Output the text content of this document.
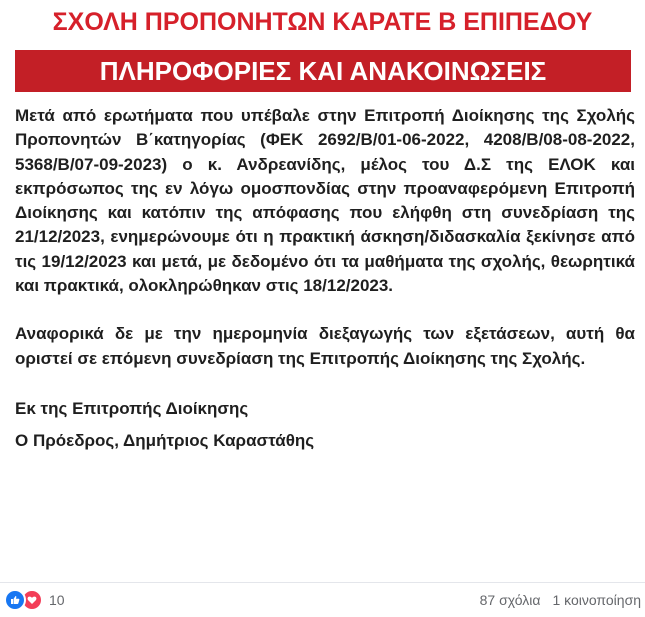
ΣΧΟΛΗ ΠΡΟΠΟΝΗΤΩΝ ΚΑΡΑΤΕ Β ΕΠΙΠΕΔΟΥ
ΠΛΗΡΟΦΟΡΙΕΣ ΚΑΙ ΑΝΑΚΟΙΝΩΣΕΙΣ

Μετά από ερωτήματα που υπέβαλε στην Επιτροπή Διοίκησης της Σχολής Προπονητών Β΄κατηγορίας (ΦΕΚ 2692/Β/01-06-2022, 4208/Β/08-08-2022, 5368/Β/07-09-2023) ο κ. Ανδρεανίδης, μέλος του Δ.Σ της ΕΛΟΚ και εκπρόσωπος της εν λόγω ομοσπονδίας στην προαναφερόμενη Επιτροπή Διοίκησης και κατόπιν της απόφασης που ελήφθη στη συνεδρίαση της 21/12/2023, ενημερώνουμε ότι η πρακτική άσκηση/διδασκαλία ξεκίνησε από τις 19/12/2023 και μετά, με δεδομένο ότι τα μαθήματα της σχολής, θεωρητικά και πρακτικά, ολοκληρώθηκαν στις 18/12/2023.

Αναφορικά δε με την ημερομηνία διεξαγωγής των εξετάσεων, αυτή θα οριστεί σε επόμενη συνεδρίαση της Επιτροπής Διοίκησης της Σχολής.

Εκ της Επιτροπής Διοίκησης
Ο Πρόεδρος, Δημήτριος Καραστάθης

10	87 σχόλια 1 κοινοποίηση
